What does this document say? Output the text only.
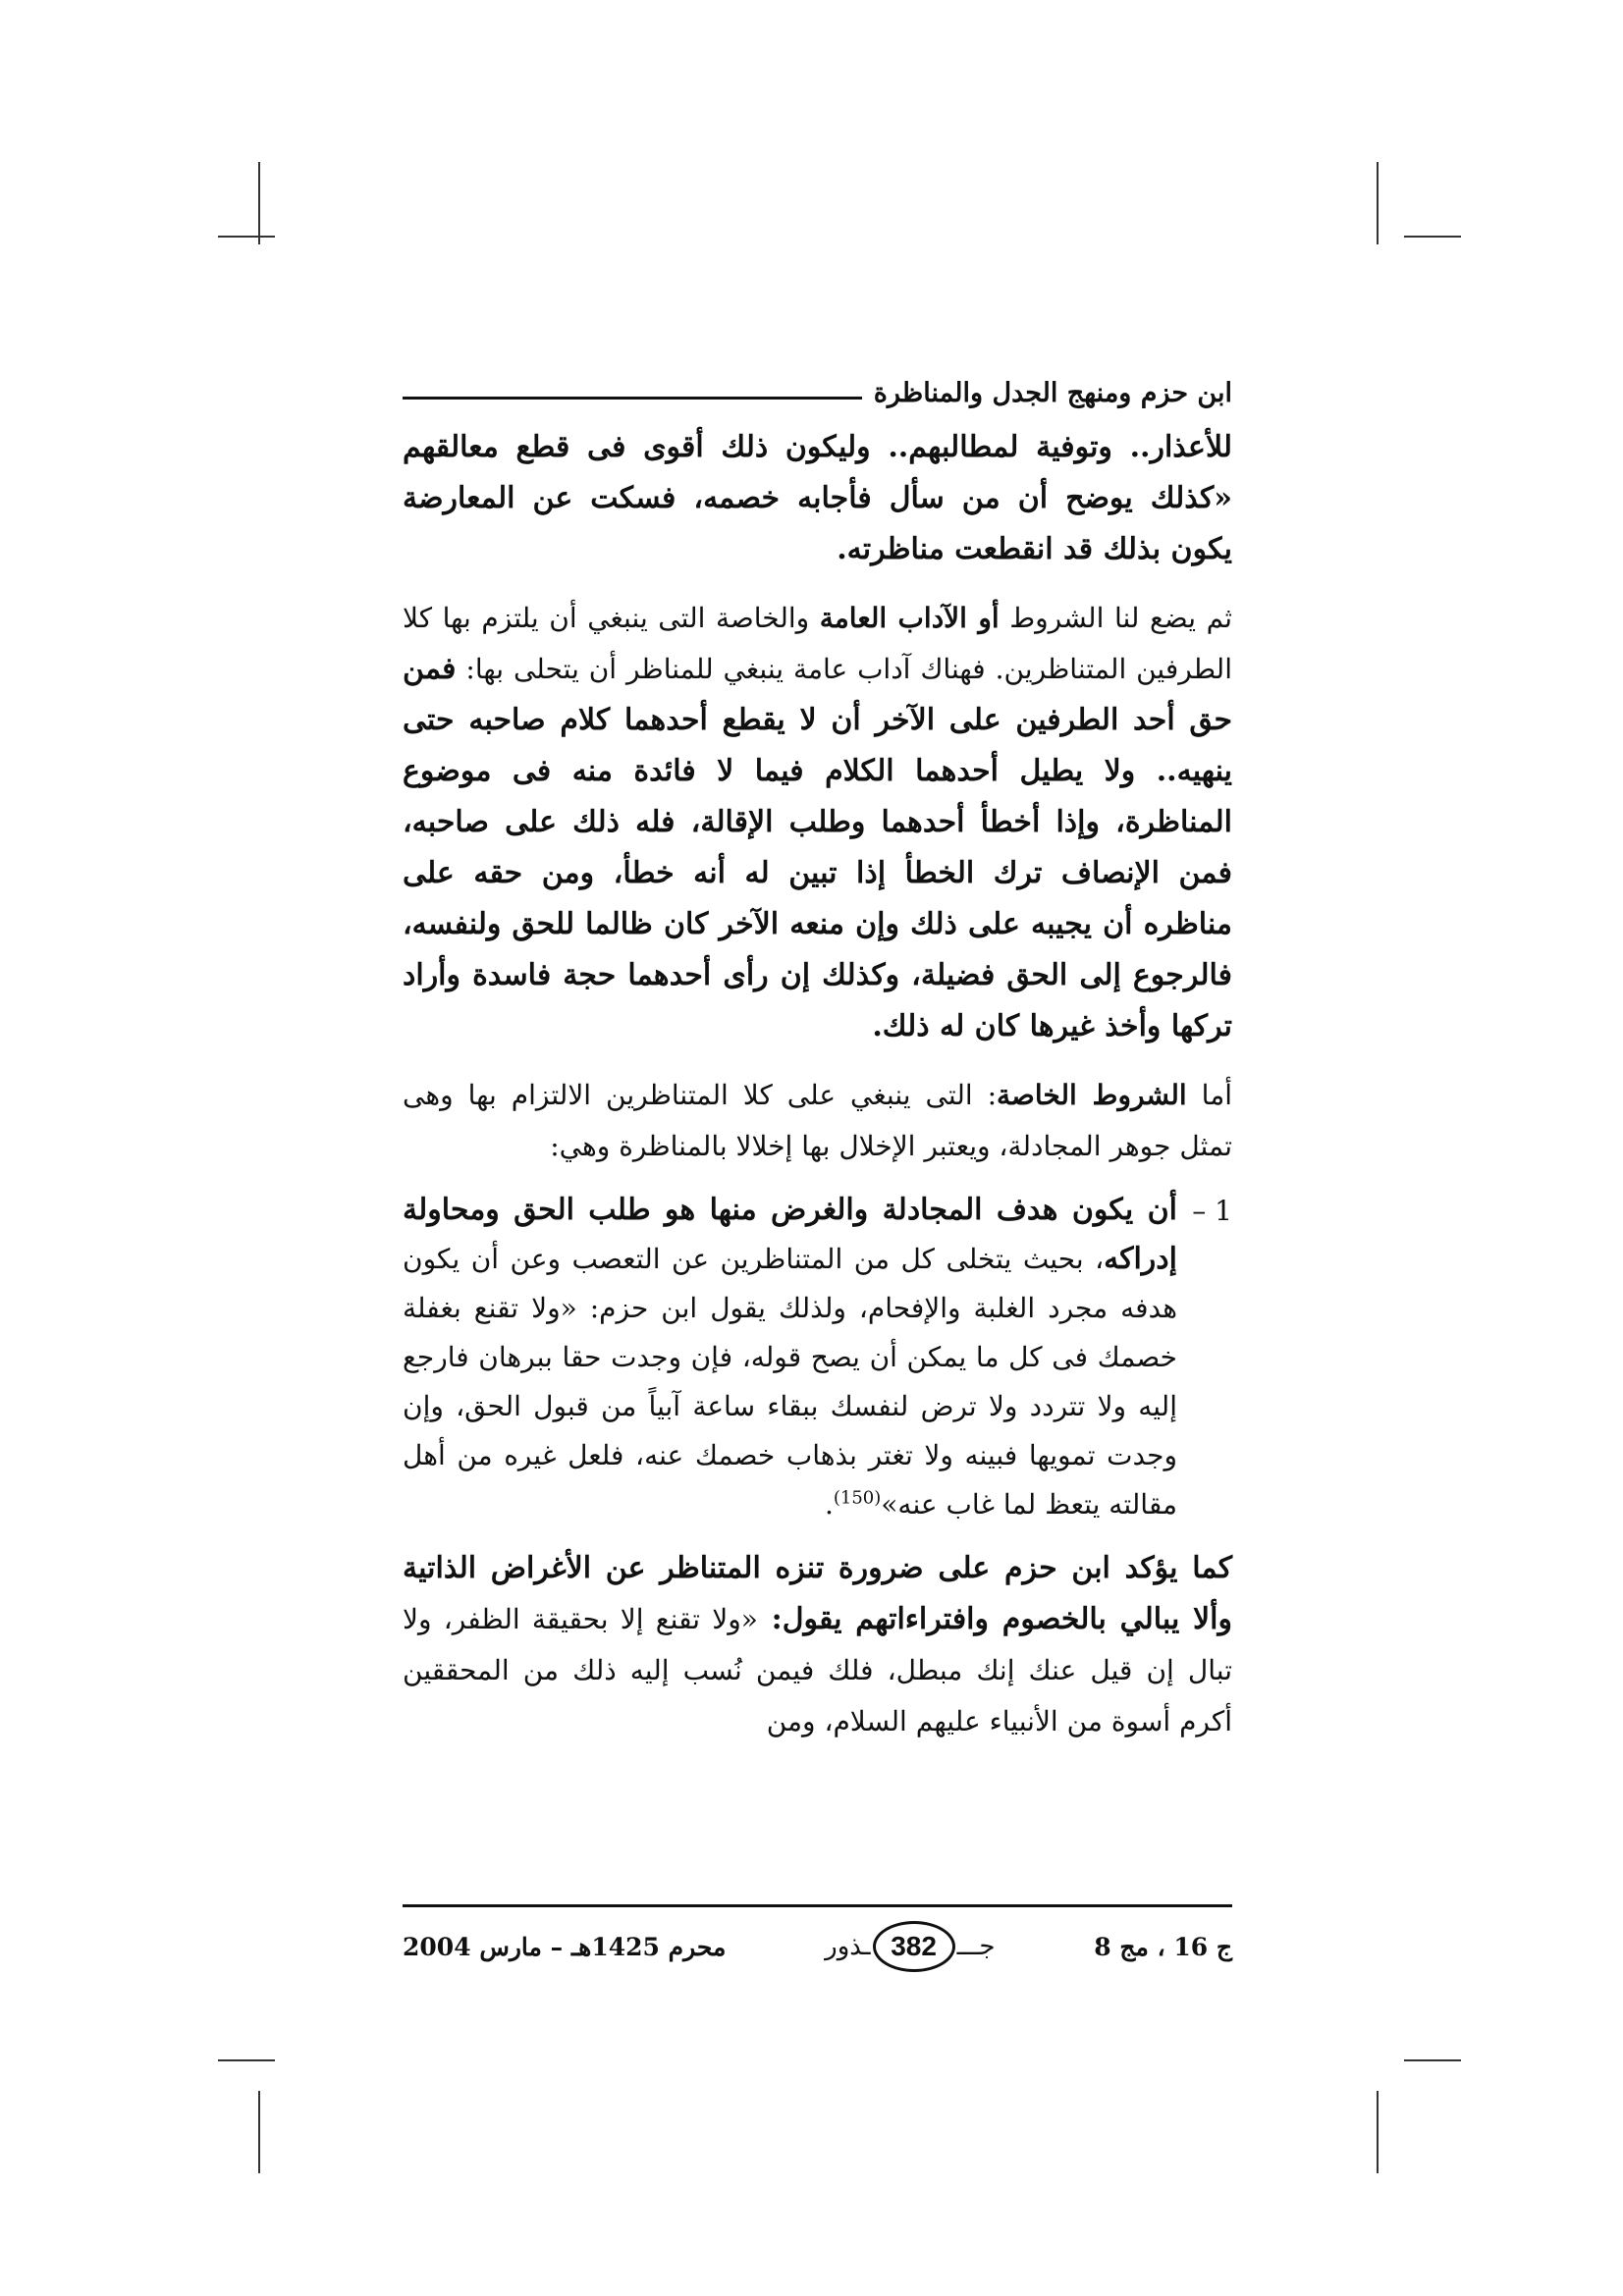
ابن حزم ومنهج الجدل والمناظرة

للأعذار.. وتوفية لمطالبهم.. وليكون ذلك أقوى فى قطع معالقهم «كذلك يوضح أن من سأل فأجابه خصمه، فسكت عن المعارضة يكون بذلك قد انقطعت مناظرته.

ثم يضع لنا الشروط أو الآداب العامة والخاصة التى ينبغي أن يلتزم بها كلا الطرفين المتناظرين. فهناك آداب عامة ينبغي للمناظر أن يتحلى بها: فمن حق أحد الطرفين على الآخر أن لا يقطع أحدهما كلام صاحبه حتى ينهيه.. ولا يطيل أحدهما الكلام فيما لا فائدة منه فى موضوع المناظرة، وإذا أخطأ أحدهما وطلب الإقالة، فله ذلك على صاحبه، فمن الإنصاف ترك الخطأ إذا تبين له أنه خطأ، ومن حقه على مناظره أن يجيبه على ذلك وإن منعه الآخر كان ظالما للحق ولنفسه، فالرجوع إلى الحق فضيلة، وكذلك إن رأى أحدهما حجة فاسدة وأراد تركها وأخذ غيرها كان له ذلك.

أما الشروط الخاصة: التى ينبغي على كلا المتناظرين الالتزام بها وهى تمثل جوهر المجادلة، ويعتبر الإخلال بها إخلالا بالمناظرة وهي:

1 –

أن يكون هدف المجادلة والغرض منها هو طلب الحق ومحاولة إدراكه، بحيث يتخلى كل من المتناظرين عن التعصب وعن أن يكون هدفه مجرد الغلبة والإفحام، ولذلك يقول ابن حزم: «ولا تقنع بغفلة خصمك فى كل ما يمكن أن يصح قوله، فإن وجدت حقا ببرهان فارجع إليه ولا تتردد ولا ترض لنفسك ببقاء ساعة آبياً من قبول الحق، وإن وجدت تمويها فبينه ولا تغتر بذهاب خصمك عنه، فلعل غيره من أهل مقالته يتعظ لما غاب عنه»$^{(150)}$.

كما يؤكد ابن حزم على ضرورة تنزه المتناظر عن الأغراض الذاتية وألا يبالي بالخصوم وافتراءاتهم يقول: «ولا تقنع إلا بحقيقة الظفر، ولا تبال إن قيل عنك إنك مبطل، فلك فيمن نُسب إليه ذلك من المحققين أكرم أسوة من الأنبياء عليهم السلام، ومن

ج 16 ، مج 8
جـــ
382
ـذور
محرم 1425هـ – مارس 2004
